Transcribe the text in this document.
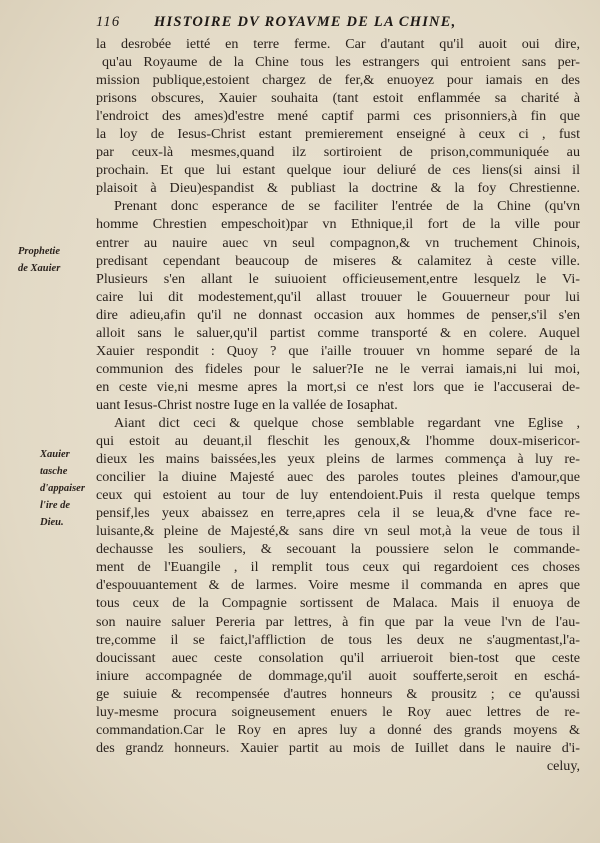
116 HISTOIRE DV ROYAVME DE LA CHINE,
Prophetie
de Xauier
Xauier
tasche
d'appaiser
l'ire de
Dieu.
la desrobée ietté en terre ferme. Car d'autant qu'il auoit oui dire,
qu'au Royaume de la Chine tous les estrangers qui entroient sans per-
mission publique,estoient chargez de fer,& enuoyez pour iamais en des
prisons obscures, Xauier souhaita (tant estoit enflammée sa charité à
l'endroict des ames)d'estre mené captif parmi ces prisonniers,à fin que
la loy de Iesus-Christ estant premierement enseigné à ceux ci , fust
par ceux-là mesmes,quand ilz sortiroient de prison,communiquée au
prochain. Et que lui estant quelque iour deliuré de ces liens(si ainsi il
plaisoit à Dieu)espandist & publiast la doctrine & la foy Chrestienne.
Prenant donc esperance de se faciliter l'entrée de la Chine (qu'vn
homme Chrestien empeschoit)par vn Ethnique,il fort de la ville pour
entrer au nauire auec vn seul compagnon,& vn truchement Chinois,
predisant cependant beaucoup de miseres & calamitez à ceste ville.
Plusieurs s'en allant le suiuoient officieusement,entre lesquelz le Vi-
caire lui dit modestement,qu'il allast trouuer le Gouuerneur pour lui
dire adieu,afin qu'il ne donnast occasion aux hommes de penser,s'il s'en
alloit sans le saluer,qu'il partist comme transporté & en colere. Auquel
Xauier respondit : Quoy ? que i'aille trouuer vn homme separé de la
communion des fideles pour le saluer?Ie ne le verrai iamais,ni lui moi,
en ceste vie,ni mesme apres la mort,si ce n'est lors que ie l'accuserai de-
uant Iesus-Christ nostre Iuge en la vallée de Iosaphat.
Aiant dict ceci & quelque chose semblable regardant vne Eglise ,
qui estoit au deuant,il fleschit les genoux,& l'homme doux-misericor-
dieux les mains baissées,les yeux pleins de larmes commença à luy re-
concilier la diuine Majesté auec des paroles toutes pleines d'amour,que
ceux qui estoient au tour de luy entendoient.Puis il resta quelque temps
pensif,les yeux abaissez en terre,apres cela il se leua,& d'vne face re-
luisante,& pleine de Majesté,& sans dire vn seul mot,à la veue de tous il
dechausse les souliers, & secouant la poussiere selon le commande-
ment de l'Euangile , il remplit tous ceux qui regardoient ces choses
d'espouuantement & de larmes. Voire mesme il commanda en apres que
tous ceux de la Compagnie sortissent de Malaca. Mais il enuoya de
son nauire saluer Pereria par lettres, à fin que par la veue l'vn de l'au-
tre,comme il se faict,l'affliction de tous les deux ne s'augmentast,l'a-
doucissant auec ceste consolation qu'il arriueroit bien-tost que ceste
iniure accompagnée de dommage,qu'il auoit soufferte,seroit en eschá-
ge suiuie & recompensée d'autres honneurs & prousitz ; ce qu'aussi
luy-mesme procura soigneusement enuers le Roy auec lettres de re-
commandation.Car le Roy en apres luy a donné des grands moyens &
des grandz honneurs. Xauier partit au mois de Iuillet dans le nauire d'i-
celuy,
